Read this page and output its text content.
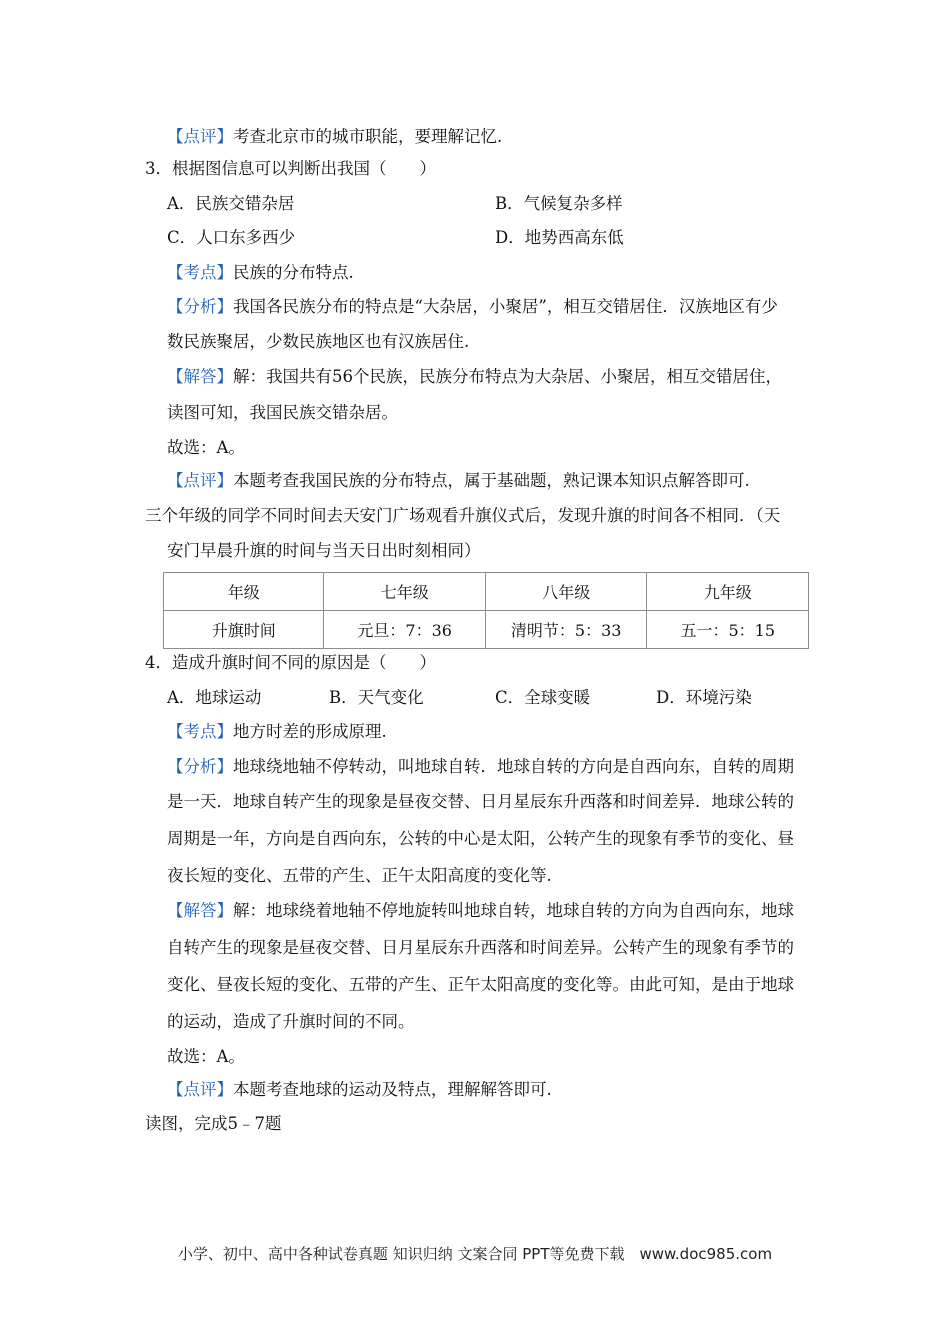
【点评】考查北京市的城市职能，要理解记忆.
3．根据图信息可以判断出我国（　　）
A．民族交错杂居	B．气候复杂多样
C．人口东多西少	D．地势西高东低
【考点】民族的分布特点.
【分析】我国各民族分布的特点是“大杂居，小聚居”，相互交错居住．汉族地区有少
数民族聚居，少数民族地区也有汉族居住.
【解答】解：我国共有56个民族，民族分布特点为大杂居、小聚居，相互交错居住，
读图可知，我国民族交错杂居。
故选：A。
【点评】本题考查我国民族的分布特点，属于基础题，熟记课本知识点解答即可.
三个年级的同学不同时间去天安门广场观看升旗仪式后，发现升旗的时间各不相同．（天
安门早晨升旗的时间与当天日出时刻相同）
年级	七年级	八年级	九年级
升旗时间	元旦：7：36	清明节：5：33	五一：5：15
4．造成升旗时间不同的原因是（　　）
A．地球运动	B．天气变化	C．全球变暖	D．环境污染
【考点】地方时差的形成原理.
【分析】地球绕地轴不停转动，叫地球自转．地球自转的方向是自西向东，自转的周期
是一天．地球自转产生的现象是昼夜交替、日月星辰东升西落和时间差异．地球公转的
周期是一年，方向是自西向东，公转的中心是太阳，公转产生的现象有季节的变化、昼
夜长短的变化、五带的产生、正午太阳高度的变化等.
【解答】解：地球绕着地轴不停地旋转叫地球自转，地球自转的方向为自西向东，地球
自转产生的现象是昼夜交替、日月星辰东升西落和时间差异。公转产生的现象有季节的
变化、昼夜长短的变化、五带的产生、正午太阳高度的变化等。由此可知，是由于地球
的运动，造成了升旗时间的不同。
故选：A。
【点评】本题考查地球的运动及特点，理解解答即可.
读图，完成5﹣7题
小学、初中、高中各种试卷真题 知识归纳 文案合同 PPT等免费下载　www.doc985.com
